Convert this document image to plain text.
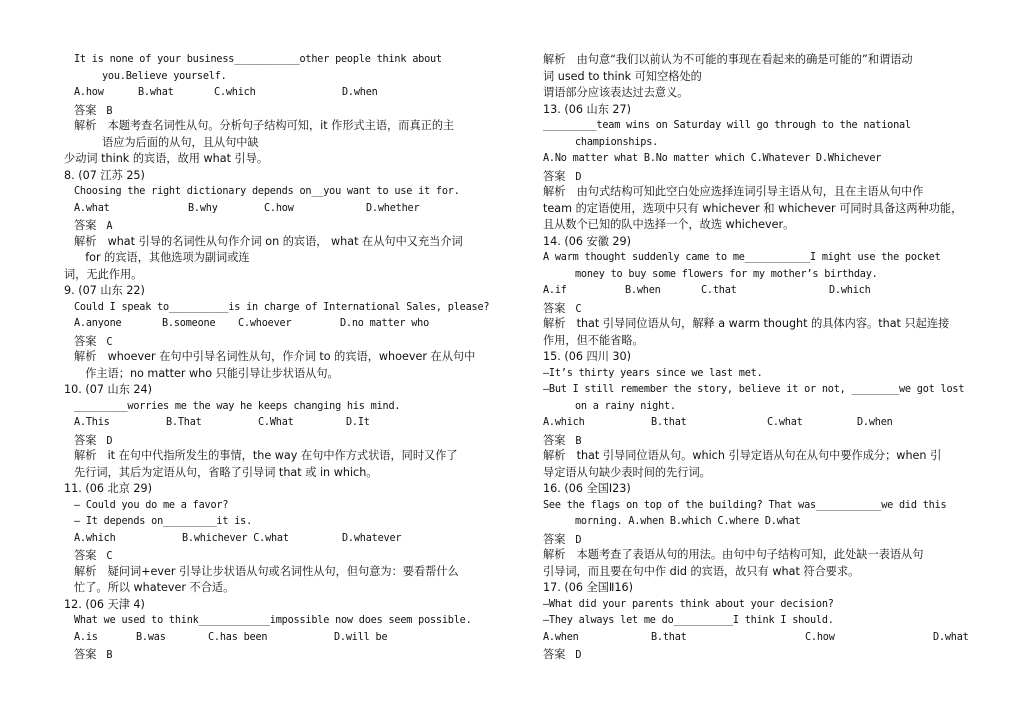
It is none of your business___________other people think about
you.Believe yourself.
A.how	B.what	C.which	D.when
答案 B
解析　本题考查名词性从句。分析句子结构可知，it 作形式主语，而真正的主
语应为后面的从句，且从句中缺
少动词 think 的宾语，故用 what 引导。
8. (07 江苏 25)
Choosing the right dictionary depends on__you want to use it for.
A.what	B.why	C.how	D.whether
答案 A
解析　what 引导的名词性从句作介词 on 的宾语， what 在从句中又充当介词
　for 的宾语，其他选项为副词或连
词，无此作用。
9. (07 山东 22)
Could I speak to__________is in charge of International Sales, please?
A.anyone	B.someone C.whoever	D.no matter who
答案 C
解析　whoever 在句中引导名词性从句，作介词 to 的宾语，whoever 在从句中
　作主语；no matter who 只能引导让步状语从句。
10. (07 山东 24)
_________worries me the way he keeps changing his mind.
A.This	B.That	C.What	D.It
答案 D
解析　it 在句中代指所发生的事情，the way 在句中作方式状语，同时又作了
先行词，其后为定语从句，省略了引导词 that 或 in which。
11. (06 北京 29)
— Could you do me a favor?
— It depends on_________it is.
A.which	B.whichever C.what	D.whatever
答案 C
解析　疑问词+ever 引导让步状语从句或名词性从句，但句意为：要看帮什么
忙了。所以 whatever 不合适。
12. (06 天津 4)
What we used to think____________impossible now does seem possible.
A.is	B.was	C.has been	D.will be
答案 B
解析　由句意“我们以前认为不可能的事现在看起来的确是可能的”和谓语动
词 used to think 可知空格处的
谓语部分应该表达过去意义。
13. (06 山东 27)
_________team wins on Saturday will go through to the national
championships.
A.No matter what B.No matter which C.Whatever D.Whichever
答案 D
解析　由句式结构可知此空白处应选择连词引导主语从句，且在主语从句中作
team 的定语使用，选项中只有 whichever 和 whichever 可同时具备这两种功能，
且从数个已知的队中选择一个，故选 whichever。
14. (06 安徽 29)
A warm thought suddenly came to me___________I might use the pocket
money to buy some flowers for my mother’s birthday.
A.if	B.when	C.that	D.which
答案 C
解析　that 引导同位语从句，解释 a warm thought 的具体内容。that 只起连接
作用，但不能省略。
15. (06 四川 30)
—It’s thirty years since we last met.
—But I still remember the story, believe it or not, ________we got lost
on a rainy night.
A.which	B.that	C.what	D.when
答案 B
解析　that 引导同位语从句。which 引导定语从句在从句中要作成分；when 引
导定语从句缺少表时间的先行词。
16. (06 全国Ⅰ23)
See the flags on top of the building? That was___________we did this
morning. A.when B.which C.where D.what
答案 D
解析　本题考查了表语从句的用法。由句中句子结构可知，此处缺一表语从句
引导词，而且要在句中作 did 的宾语，故只有 what 符合要求。
17. (06 全国Ⅱ16)
—What did your parents think about your decision?
—They always let me do__________I think I should.
A.when	B.that	C.how	D.what
答案 D
